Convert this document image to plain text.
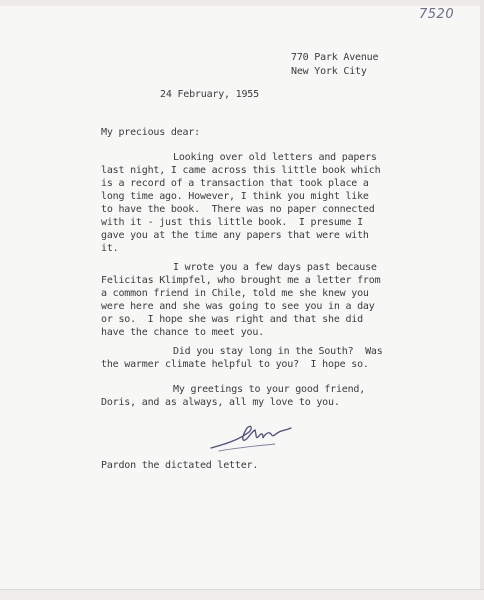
7520

770 Park Avenue

New York City

24 February, 1955
My precious dear:

Looking over old letters and papers

last night, I came across this little book which

is a record of a transaction that took place a

long time ago. However, I think you might like

to have the book.  There was no paper connected

with it - just this little book.  I presume I

gave you at the time any papers that were with

it.

I wrote you a few days past because

Felicitas Klimpfel, who brought me a letter from

a common friend in Chile, told me she knew you

were here and she was going to see you in a day

or so.  I hope she was right and that she did

have the chance to meet you.

Did you stay long in the South?  Was

the warmer climate helpful to you?  I hope so.

My greetings to your good friend,

Doris, and as always, all my love to you.

Pardon the dictated letter.
